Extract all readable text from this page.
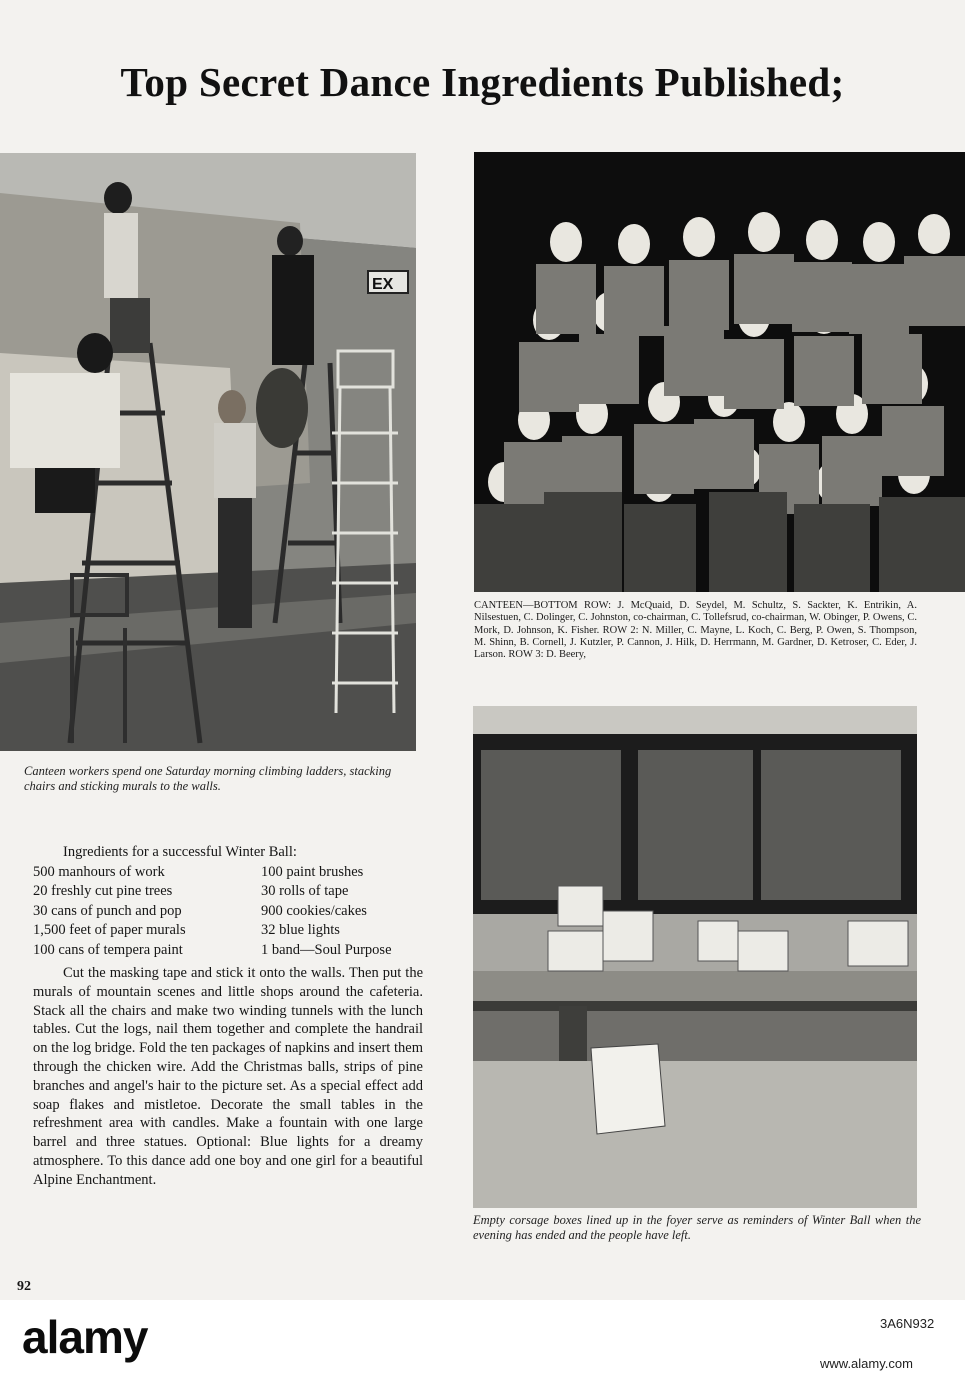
Top Secret Dance Ingredients Published;
EX
Canteen workers spend one Saturday morning climbing ladders, stacking chairs and sticking murals to the walls.
CANTEEN—BOTTOM ROW: J. McQuaid, D. Seydel, M. Schultz, S. Sackter, K. Entrikin, A. Nilsestuen, C. Dolinger, C. Johnston, co-chairman, C. Tollefsrud, co-chairman, W. Obinger, P. Owens, C. Mork, D. Johnson, K. Fisher. ROW 2: N. Miller, C. Mayne, L. Koch, C. Berg, P. Owen, S. Thompson, M. Shinn, B. Cornell, J. Kutzler, P. Cannon, J. Hilk, D. Herrmann, M. Gardner, D. Ketroser, C. Eder, J. Larson. ROW 3: D. Beery,
Ingredients for a successful Winter Ball:
500 manhours of work	100 paint brushes
20 freshly cut pine trees	30 rolls of tape
30 cans of punch and pop	900 cookies/cakes
1,500 feet of paper murals	32 blue lights
100 cans of tempera paint	1 band—Soul Purpose
Cut the masking tape and stick it onto the walls. Then put the murals of mountain scenes and little shops around the cafeteria. Stack all the chairs and make two winding tunnels with the lunch tables. Cut the logs, nail them together and complete the handrail on the log bridge. Fold the ten packages of napkins and insert them through the chicken wire. Add the Christmas balls, strips of pine branches and angel's hair to the picture set. As a special effect add soap flakes and mistletoe. Decorate the small tables in the refreshment area with candles. Make a fountain with one large barrel and three statues. Optional: Blue lights for a dreamy atmosphere. To this dance add one boy and one girl for a beautiful Alpine Enchantment.
Empty corsage boxes lined up in the foyer serve as reminders of Winter Ball when the evening has ended and the people have left.
92
alamy	3A6N932
www.alamy.com
